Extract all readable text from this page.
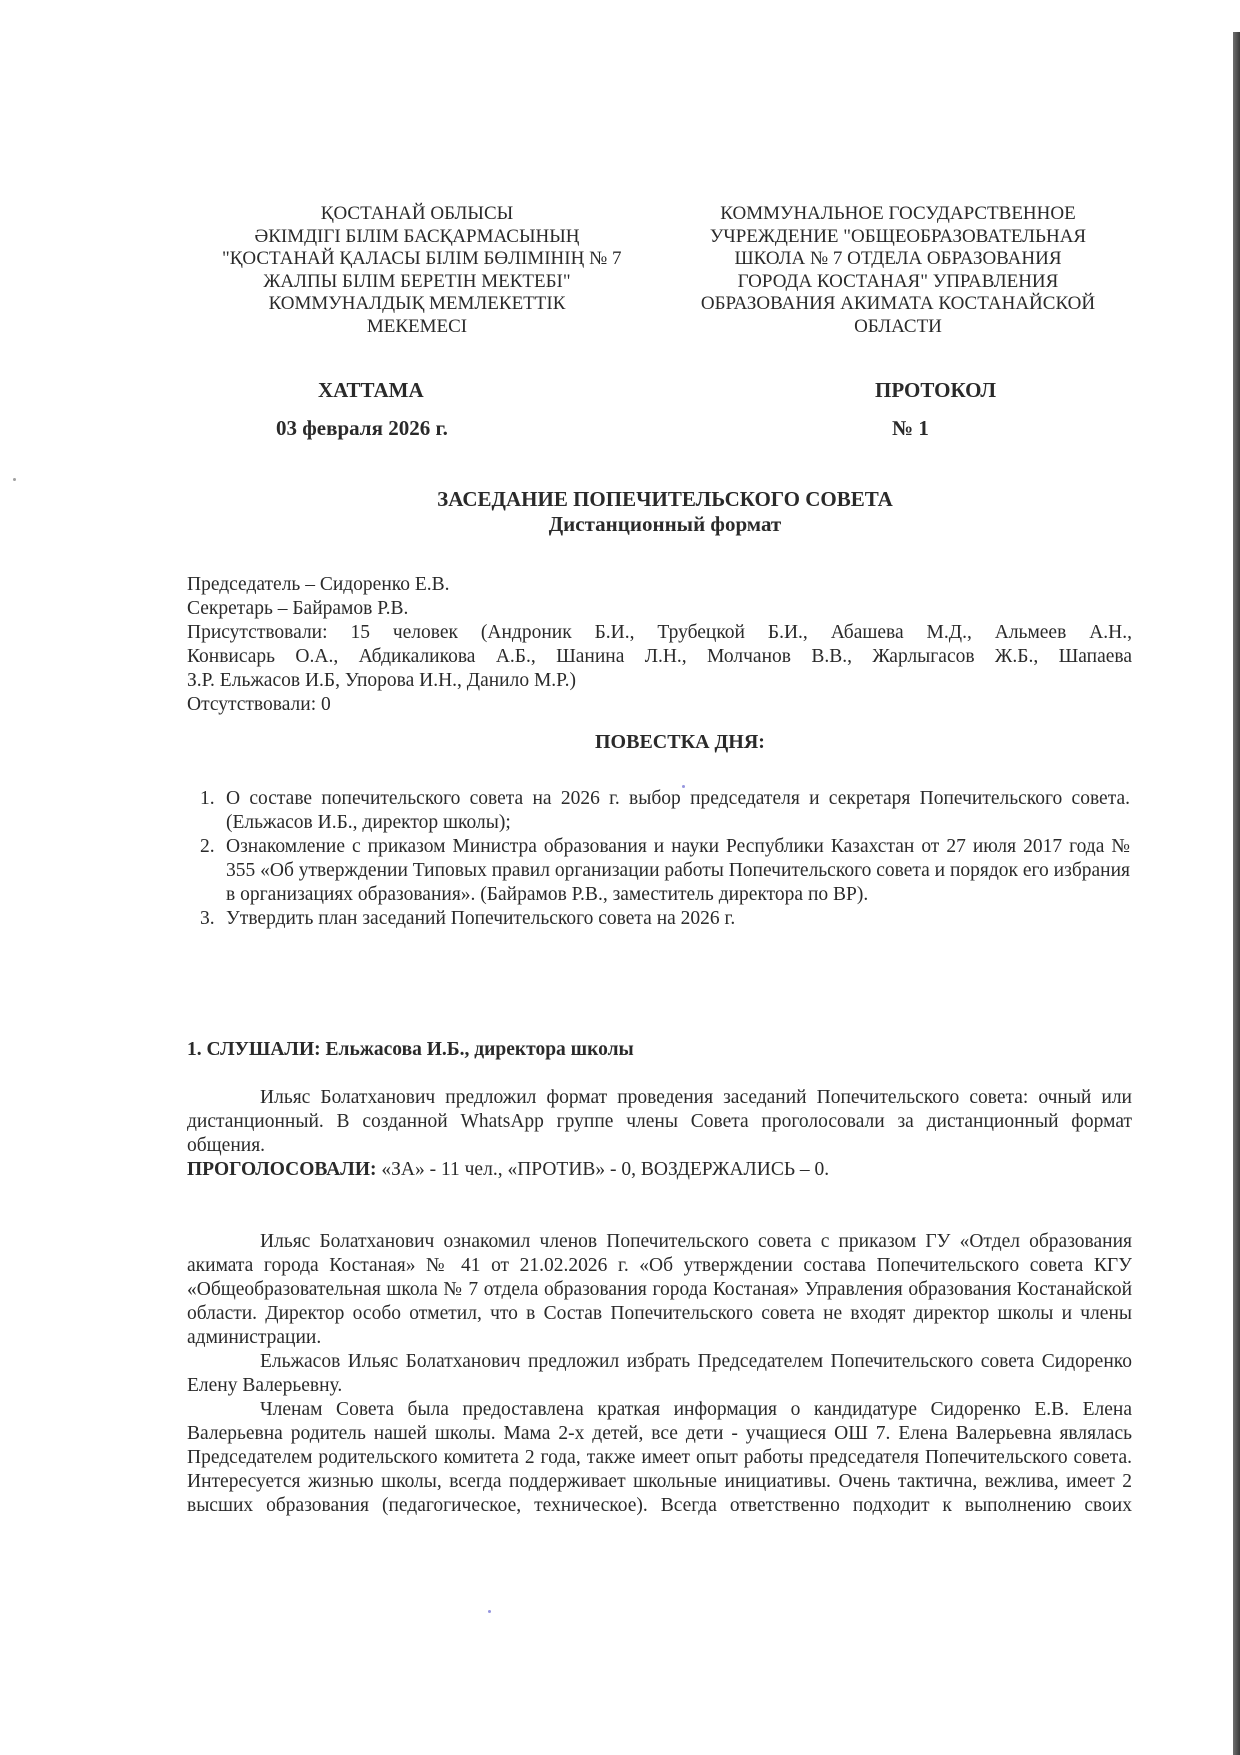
ҚОСТАНАЙ ОБЛЫСЫ
ӘКІМДІГІ БІЛІМ БАСҚАРМАСЫНЫҢ
"ҚОСТАНАЙ ҚАЛАСЫ БІЛІМ БӨЛІМІНІҢ № 7
ЖАЛПЫ БІЛІМ БЕРЕТІН МЕКТЕБІ"
КОММУНАЛДЫҚ МЕМЛЕКЕТТІК
МЕКЕМЕСІ
КОММУНАЛЬНОЕ ГОСУДАРСТВЕННОЕ
УЧРЕЖДЕНИЕ "ОБЩЕОБРАЗОВАТЕЛЬНАЯ
ШКОЛА № 7 ОТДЕЛА ОБРАЗОВАНИЯ
ГОРОДА КОСТАНАЯ" УПРАВЛЕНИЯ
ОБРАЗОВАНИЯ АКИМАТА КОСТАНАЙСКОЙ
ОБЛАСТИ
ХАТТАМА	ПРОТОКОЛ
03 февраля 2026 г.	№ 1
ЗАСЕДАНИЕ ПОПЕЧИТЕЛЬСКОГО СОВЕТА
Дистанционный формат
Председатель – Сидоренко Е.В.
Секретарь – Байрамов Р.В.
Присутствовали: 15 человек (Андроник Б.И., Трубецкой Б.И., Абашева М.Д., Альмеев А.Н.,
Конвисарь О.А., Абдикаликова А.Б., Шанина Л.Н., Молчанов В.В., Жарлыгасов Ж.Б., Шапаева
З.Р. Ельжасов И.Б, Упорова И.Н., Данило М.Р.)
Отсутствовали: 0
ПОВЕСТКА ДНЯ:
1. О составе попечительского совета на 2026 г. выбор председателя и секретаря Попечительского совета. (Ельжасов И.Б., директор школы);
2. Ознакомление с приказом Министра образования и науки Республики Казахстан от 27 июля 2017 года № 355 «Об утверждении Типовых правил организации работы Попечительского совета и порядок его избрания в организациях образования». (Байрамов Р.В., заместитель директора по ВР).
3. Утвердить план заседаний Попечительского совета на 2026 г.
1. СЛУШАЛИ: Ельжасова И.Б., директора школы

Ильяс Болатханович предложил формат проведения заседаний Попечительского совета: очный или дистанционный. В созданной WhatsApp группе члены Совета проголосовали за дистанционный формат общения.

ПРОГОЛОСОВАЛИ: «ЗА» - 11 чел., «ПРОТИВ» - 0, ВОЗДЕРЖАЛИСЬ – 0.

Ильяс Болатханович ознакомил членов Попечительского совета с приказом ГУ «Отдел образования акимата города Костаная» № 41 от 21.02.2026 г. «Об утверждении состава Попечительского совета КГУ «Общеобразовательная школа № 7 отдела образования города Костаная» Управления образования Костанайской области. Директор особо отметил, что в Состав Попечительского совета не входят директор школы и члены администрации.

Ельжасов Ильяс Болатханович предложил избрать Председателем Попечительского совета Сидоренко Елену Валерьевну.

Членам Совета была предоставлена краткая информация о кандидатуре Сидоренко Е.В. Елена Валерьевна родитель нашей школы. Мама 2-х детей, все дети - учащиеся ОШ 7. Елена Валерьевна являлась Председателем родительского комитета 2 года, также имеет опыт работы председателя Попечительского совета. Интересуется жизнью школы, всегда поддерживает школьные инициативы. Очень тактична, вежлива, имеет 2 высших образования (педагогическое, техническое). Всегда ответственно подходит к выполнению своих
